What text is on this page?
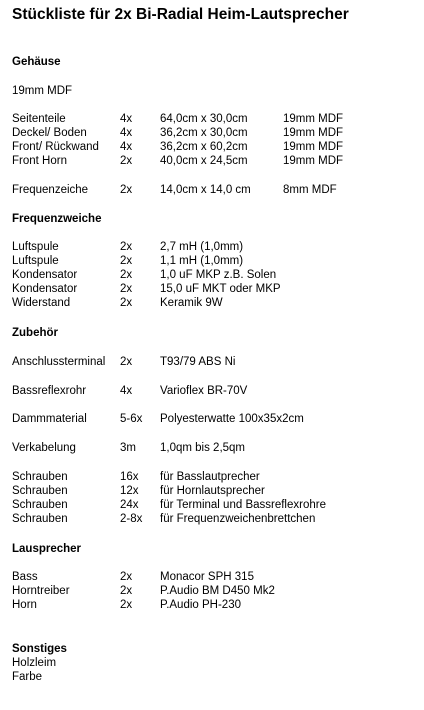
Stückliste für 2x Bi-Radial Heim-Lautsprecher
Gehäuse
19mm MDF
Seitenteile	4x 64,0cm x 30,0cm	19mm MDF
Deckel/ Boden	4x 36,2cm x 30,0cm	19mm MDF
Front/ Rückwand 4x 36,2cm x 60,2cm	19mm MDF
Front Horn	2x 40,0cm x 24,5cm	19mm MDF
Frequenzeiche	2x 14,0cm x 14,0 cm	8mm MDF
Frequenzweiche
Luftspule	2x 2,7 mH (1,0mm)
Luftspule	2x 1,1 mH (1,0mm)
Kondensator	2x 1,0 uF MKP z.B. Solen
Kondensator	2x 15,0 uF MKT oder MKP
Widerstand	2x Keramik 9W
Zubehör
Anschlussterminal 2x T93/79 ABS Ni
Bassreflexrohr	4x Varioflex BR-70V
Dammmaterial	5-6x Polyesterwatte 100x35x2cm
Verkabelung	3m 1,0qm bis 2,5qm
Schrauben	16x für Basslautprecher
Schrauben	12x für Hornlautsprecher
Schrauben	24x für Terminal und Bassreflexrohre
Schrauben	2-8x für Frequenzweichenbrettchen
Lausprecher
Bass	2x Monacor SPH 315
Horntreiber	2x P.Audio BM D450 Mk2
Horn	2x P.Audio PH-230
Sonstiges
Holzleim
Farbe
